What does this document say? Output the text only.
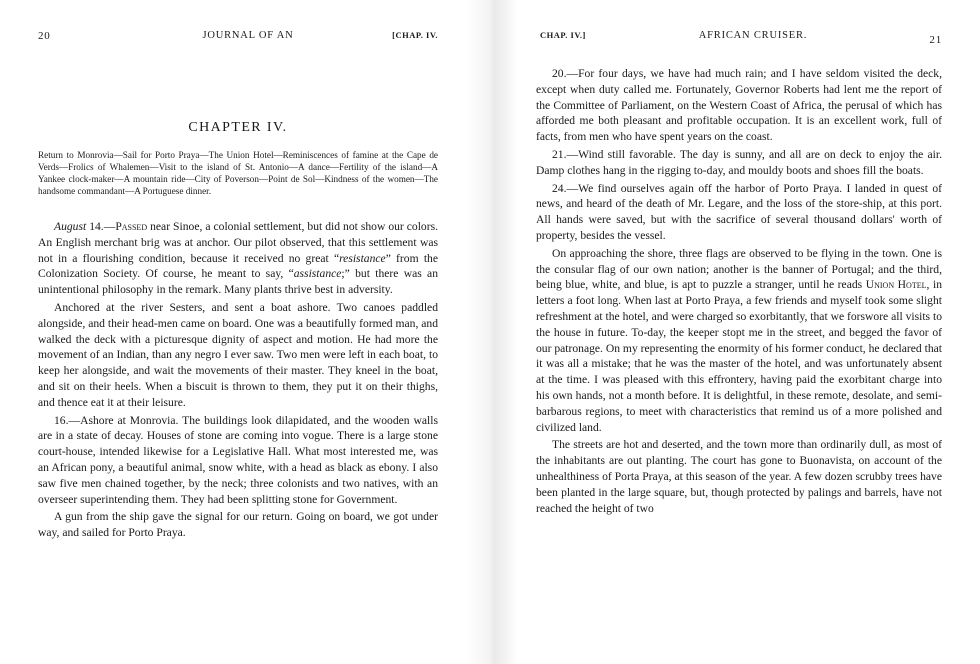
20	JOURNAL OF AN	[CHAP. IV.
CHAPTER IV.
Return to Monrovia—Sail for Porto Praya—The Union Hotel—Reminiscences of famine at the Cape de Verds—Frolics of Whalemen—Visit to the island of St. Antonio—A dance—Fertility of the island—A Yankee clock-maker—A mountain ride—City of Poverson—Point de Sol—Kindness of the women—The handsome commandant—A Portuguese dinner.

August 14.—Passed near Sinoe, a colonial settlement, but did not show our colors. An English merchant brig was at anchor. Our pilot observed, that this settlement was not in a flourishing condition, because it received no great “resistance” from the Colonization Society. Of course, he meant to say, “assistance;” but there was an unintentional philosophy in the remark. Many plants thrive best in adversity.

Anchored at the river Sesters, and sent a boat ashore. Two canoes paddled alongside, and their head-men came on board. One was a beautifully formed man, and walked the deck with a picturesque dignity of aspect and motion. He had more the movement of an Indian, than any negro I ever saw. Two men were left in each boat, to keep her alongside, and wait the movements of their master. They kneel in the boat, and sit on their heels. When a biscuit is thrown to them, they put it on their thighs, and thence eat it at their leisure.

16.—Ashore at Monrovia. The buildings look dilapidated, and the wooden walls are in a state of decay. Houses of stone are coming into vogue. There is a large stone court-house, intended likewise for a Legislative Hall. What most interested me, was an African pony, a beautiful animal, snow white, with a head as black as ebony. I also saw five men chained together, by the neck; three colonists and two natives, with an overseer superintending them. They had been splitting stone for Government.

A gun from the ship gave the signal for our return. Going on board, we got under way, and sailed for Porto Praya.

CHAP. IV.]	AFRICAN CRUISER.	21

20.—For four days, we have had much rain; and I have seldom visited the deck, except when duty called me. Fortunately, Governor Roberts had lent me the report of the Committee of Parliament, on the Western Coast of Africa, the perusal of which has afforded me both pleasant and profitable occupation. It is an excellent work, full of facts, from men who have spent years on the coast.

21.—Wind still favorable. The day is sunny, and all are on deck to enjoy the air. Damp clothes hang in the rigging to-day, and mouldy boots and shoes fill the boats.

24.—We find ourselves again off the harbor of Porto Praya. I landed in quest of news, and heard of the death of Mr. Legare, and the loss of the store-ship, at this port. All hands were saved, but with the sacrifice of several thousand dollars' worth of property, besides the vessel.

On approaching the shore, three flags are observed to be flying in the town. One is the consular flag of our own nation; another is the banner of Portugal; and the third, being blue, white, and blue, is apt to puzzle a stranger, until he reads Union Hotel, in letters a foot long. When last at Porto Praya, a few friends and myself took some slight refreshment at the hotel, and were charged so exorbitantly, that we forswore all visits to the house in future. To-day, the keeper stopt me in the street, and begged the favor of our patronage. On my representing the enormity of his former conduct, he declared that it was all a mistake; that he was the master of the hotel, and was unfortunately absent at the time. I was pleased with this effrontery, having paid the exorbitant charge into his own hands, not a month before. It is delightful, in these remote, desolate, and semi-barbarous regions, to meet with characteristics that remind us of a more polished and civilized land.

The streets are hot and deserted, and the town more than ordinarily dull, as most of the inhabitants are out planting. The court has gone to Buonavista, on account of the unhealthiness of Porta Praya, at this season of the year. A few dozen scrubby trees have been planted in the large square, but, though protected by palings and barrels, have not reached the height of two
